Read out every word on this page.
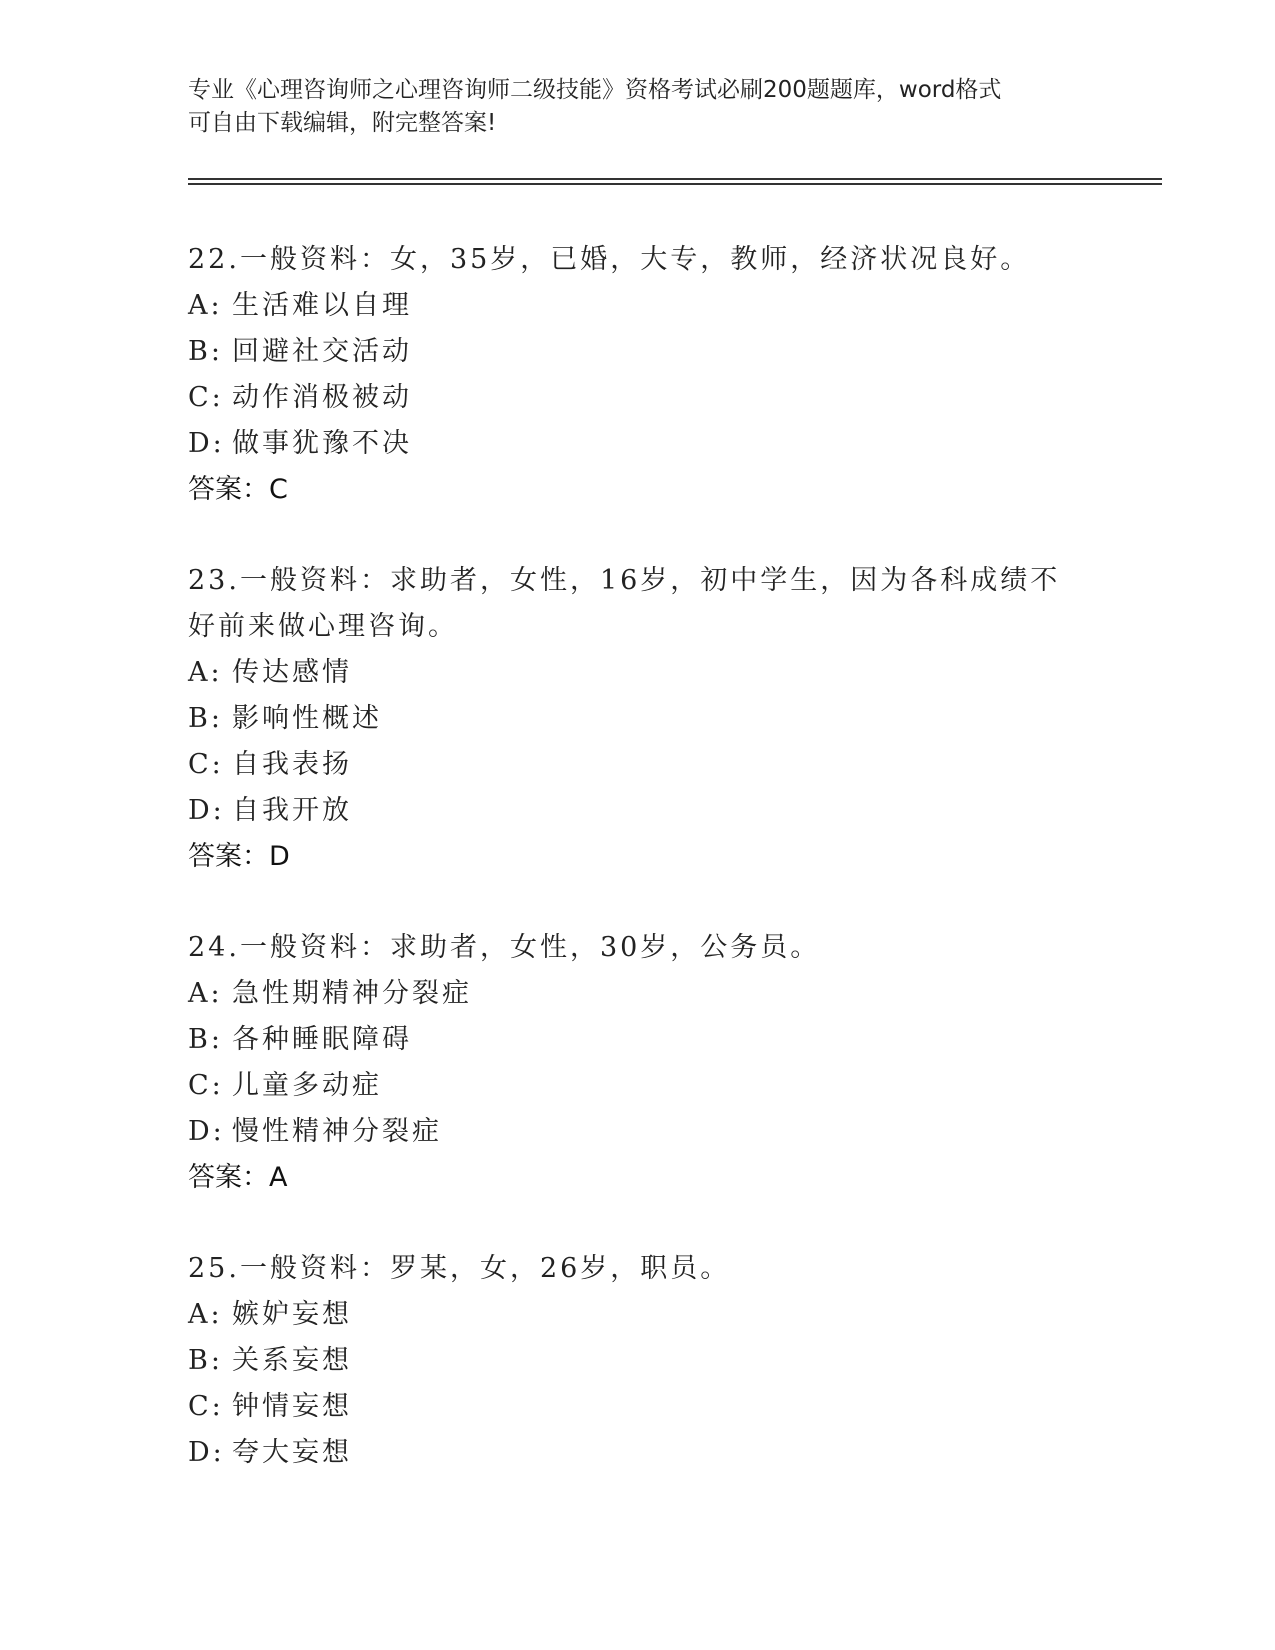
专业《心理咨询师之心理咨询师二级技能》资格考试必刷200题题库，word格式
可自由下载编辑，附完整答案!
22.一般资料：女，35岁，已婚，大专，教师，经济状况良好。
A: 生活难以自理
B: 回避社交活动
C: 动作消极被动
D: 做事犹豫不决
答案：C
23.一般资料：求助者，女性，16岁，初中学生，因为各科成绩不好前来做心理咨询。
A: 传达感情
B: 影响性概述
C: 自我表扬
D: 自我开放
答案：D
24.一般资料：求助者，女性，30岁，公务员。
A: 急性期精神分裂症
B: 各种睡眠障碍
C: 儿童多动症
D: 慢性精神分裂症
答案：A
25.一般资料：罗某，女，26岁，职员。
A: 嫉妒妄想
B: 关系妄想
C: 钟情妄想
D: 夸大妄想
